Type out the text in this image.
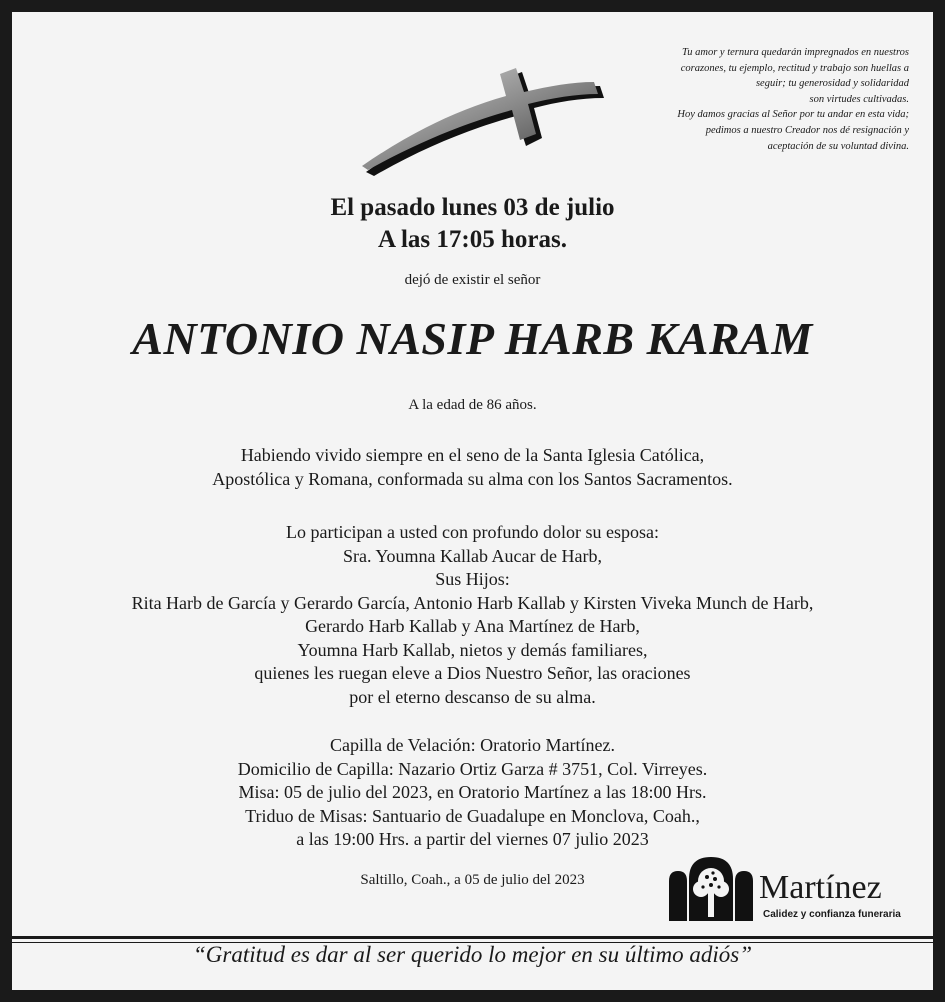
Tu amor y ternura quedarán impregnados en nuestros
corazones, tu ejemplo, rectitud y trabajo son huellas a
seguir; tu generosidad y solidaridad
son virtudes cultivadas.
Hoy damos gracias al Señor por tu andar en esta vida;
pedimos a nuestro Creador nos dé resignación y
aceptación de su voluntad divina.
El pasado lunes 03 de julio
A las 17:05 horas.
dejó de existir el señor
ANTONIO NASIP HARB KARAM
A la edad de 86 años.
Habiendo vivido siempre en el seno de la Santa Iglesia Católica,
Apostólica y Romana, conformada su alma con los Santos Sacramentos.
Lo participan a usted con profundo dolor su esposa:
Sra. Youmna Kallab Aucar de Harb,
Sus Hijos:
Rita Harb de García y Gerardo García, Antonio Harb Kallab y Kirsten Viveka Munch de Harb,
Gerardo Harb Kallab y Ana Martínez de Harb,
Youmna Harb Kallab, nietos y demás familiares,
quienes les ruegan eleve a Dios Nuestro Señor, las oraciones
por el eterno descanso de su alma.
Capilla de Velación: Oratorio Martínez.
Domicilio de Capilla: Nazario Ortiz Garza # 3751, Col. Virreyes.
Misa: 05 de julio del 2023, en Oratorio Martínez a las 18:00 Hrs.
Triduo de Misas: Santuario de Guadalupe en Monclova, Coah.,
a las 19:00 Hrs. a partir del viernes 07 julio 2023
Saltillo, Coah., a 05 de julio del 2023	Martínez
Calidez y confianza funeraria
“Gratitud es dar al ser querido lo mejor en su último adiós”
